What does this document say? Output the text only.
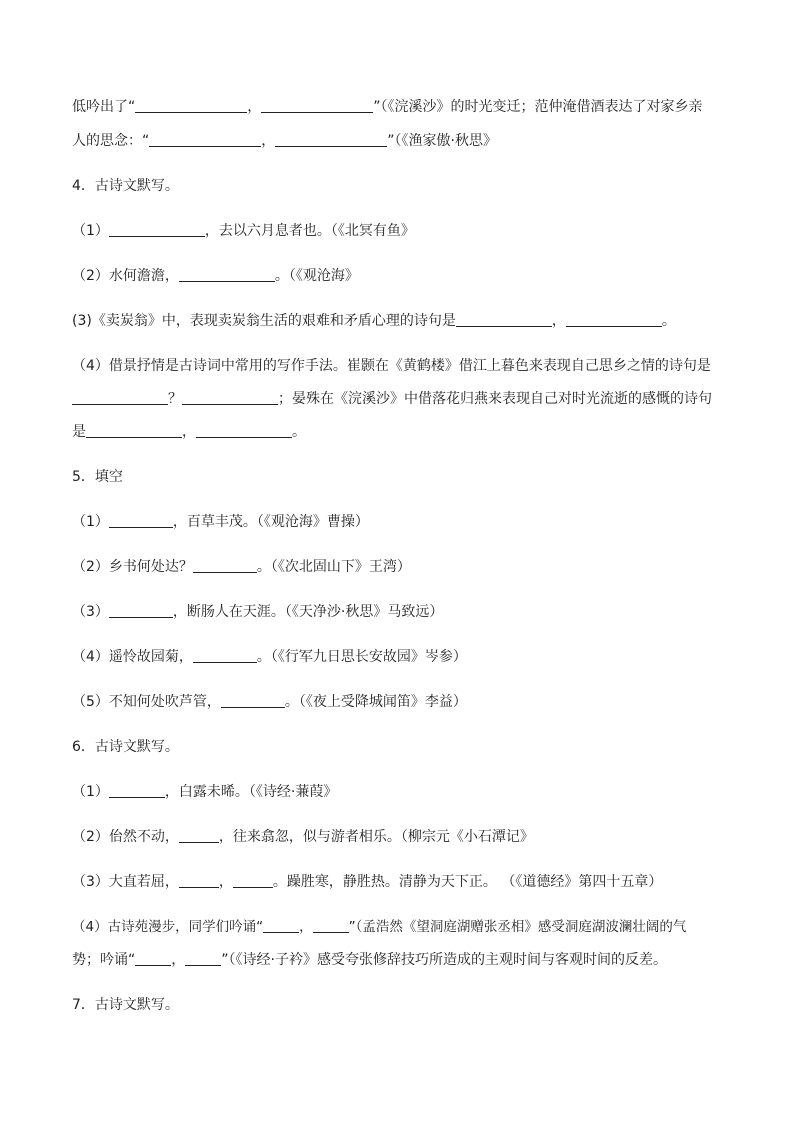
低吟出了“	，	”（《浣溪沙》的时光变迁；范仲淹借酒表达了对家乡亲
人的思念：“	，	”（《渔家傲·秋思》
4．古诗文默写。
（1）	，去以六月息者也。（《北冥有鱼》
（2）水何澹澹，	。（《观沧海》
(3)《卖炭翁》中，表现卖炭翁生活的艰难和矛盾心理的诗句是	，	。
（4）借景抒情是古诗词中常用的写作手法。崔颢在《黄鹤楼》借江上暮色来表现自己思乡之情的诗句是
？	；晏殊在《浣溪沙》中借落花归燕来表现自己对时光流逝的感慨的诗句
是	，	。
5．填空
（1）	，百草丰茂。（《观沧海》曹操）
（2）乡书何处达？	。（《次北固山下》王湾）
（3）	，断肠人在天涯。（《天净沙·秋思》马致远）
（4）遥怜故园菊，	。（《行军九日思长安故园》岑参）
（5）不知何处吹芦管，	。（《夜上受降城闻笛》李益）
6．古诗文默写。
（1）	，白露未晞。（《诗经·蒹葭》
（2）佁然不动，	，往来翕忽，似与游者相乐。（柳宗元《小石潭记》
（3）大直若屈，	，	。躁胜寒，静胜热。清静为天下正。 （《道德经》第四十五章）
（4）古诗苑漫步，同学们吟诵“	，	”（孟浩然《望洞庭湖赠张丞相》感受洞庭湖波澜壮阔的气
势；吟诵“	，	”（《诗经·子衿》感受夸张修辞技巧所造成的主观时间与客观时间的反差。
7．古诗文默写。
